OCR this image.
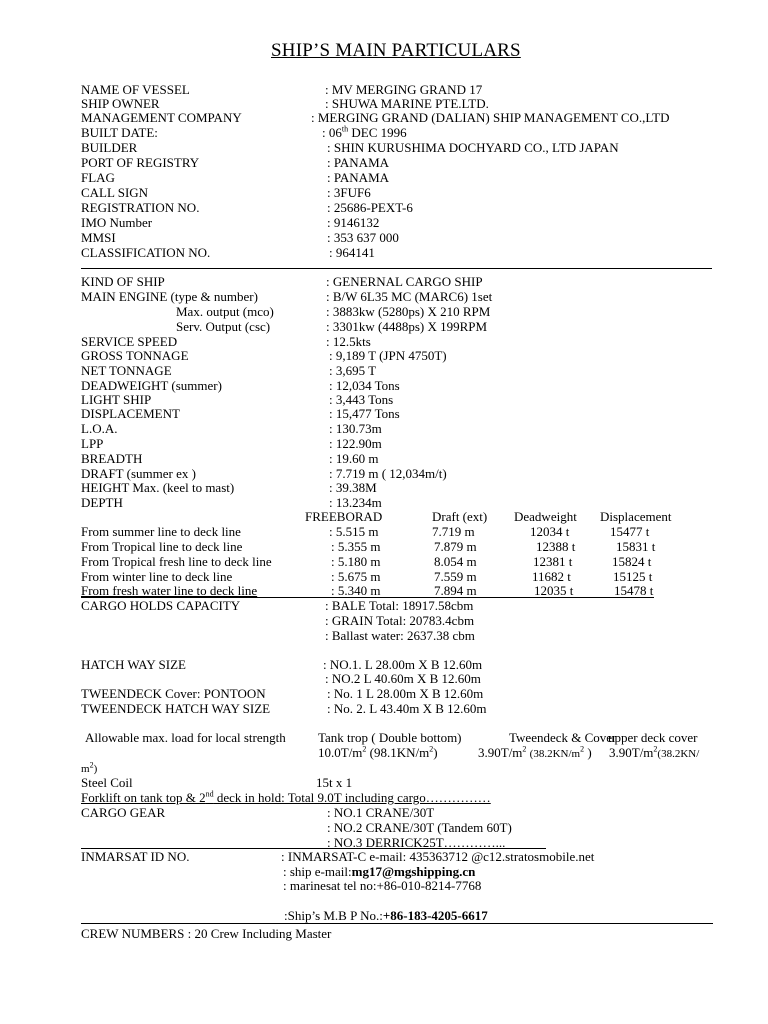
SHIP’S MAIN PARTICULARS
NAME OF VESSEL	: MV MERGING GRAND 17
SHIP OWNER	: SHUWA MARINE PTE.LTD.
MANAGEMENT COMPANY	: MERGING GRAND (DALIAN) SHIP MANAGEMENT CO.,LTD
BUILT DATE:	: 06th DEC 1996
BUILDER	: SHIN KURUSHIMA DOCHYARD CO., LTD JAPAN
PORT OF REGISTRY	: PANAMA
FLAG	: PANAMA
CALL SIGN	: 3FUF6
REGISTRATION NO.	: 25686-PEXT-6
IMO Number	: 9146132
MMSI	: 353 637 000
CLASSIFICATION NO.	: 964141
KIND OF SHIP	: GENERNAL CARGO SHIP
MAIN ENGINE (type & number)	: B/W 6L35 MC (MARC6) 1set
Max. output (mco)	: 3883kw (5280ps) X 210 RPM
Serv. Output (csc)	: 3301kw (4488ps) X 199RPM
SERVICE SPEED	: 12.5kts
GROSS TONNAGE	: 9,189 T (JPN 4750T)
NET TONNAGE	: 3,695 T
DEADWEIGHT (summer)	: 12,034 Tons
LIGHT SHIP	: 3,443 Tons
DISPLACEMENT	: 15,477 Tons
L.O.A.	: 130.73m
LPP	: 122.90m
BREADTH	: 19.60 m
DRAFT (summer ex )	: 7.719 m ( 12,034m/t)
HEIGHT Max. (keel to mast)	: 39.38M
DEPTH	: 13.234m
FREEBORAD	Draft (ext) Deadweight Displacement
From summer line to deck line	: 5.515 m	7.719 m	12034 t	15477 t
From Tropical line to deck line	: 5.355 m	7.879 m	12388 t	15831 t
From Tropical fresh line to deck line	: 5.180 m	8.054 m	12381 t	15824 t
From winter line to deck line	: 5.675 m	7.559 m	11682 t	15125 t
From fresh water line to deck line	: 5.340 m	7.894 m	12035 t	15478 t
CARGO HOLDS CAPACITY	: BALE Total: 18917.58cbm
: GRAIN Total: 20783.4cbm
: Ballast water: 2637.38 cbm
HATCH WAY SIZE	: NO.1. L 28.00m X B 12.60m
: NO.2 L 40.60m X B 12.60m
TWEENDECK Cover: PONTOON	: No. 1 L 28.00m X B 12.60m
TWEENDECK HATCH WAY SIZE	: No. 2. L 43.40m X B 12.60m
Allowable max. load for local strength Tank trop ( Double bottom)	Tweendeck & Cover
upper deck cover
$10.0T/m^2$ $(98.1KN/m^2)$	$3.90T/m^2$ ($38.2KN/m^2$ ) $3.90T/m^2(38.2KN/$
$m^2$)
Steel Coil	15t x 1
Forklift on tank top & 2nd deck in hold: Total 9.0T including cargo……………
CARGO GEAR	: NO.1 CRANE/30T
: NO.2 CRANE/30T (Tandem 60T)
: NO.3 DERRICK25T…………...
INMARSAT ID NO.	: INMARSAT-C e-mail: 435363712 @c12.stratosmobile.net
: ship e-mail:mg17@mgshipping.cn
: marinesat tel no:+86-010-8214-7768
:Ship’s M.B P No.:+86-183-4205-6617
CREW NUMBERS : 20 Crew Including Master
